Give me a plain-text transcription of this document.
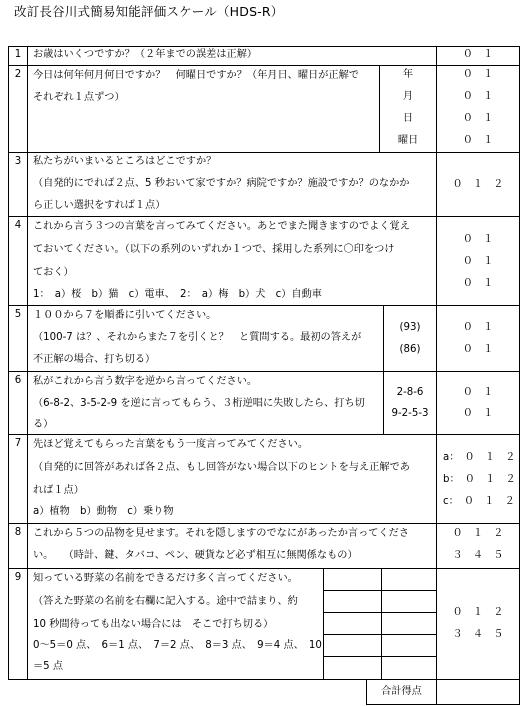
改訂長谷川式簡易知能評価スケール（HDS-R）
1
2
3
4
5
6
7
8
9
お歳はいくつですか？（２年までの誤差は正解）	０　１
今日は何年何月何日ですか？　何曜日ですか？（年月日、曜日が正解で
それぞれ１点ずつ）
年
月
日
曜日
０　１
０　１
０　１
０　１
私たちがいまいるところはどこですか？
（自発的にでれば２点、5 秒おいて家ですか？病院ですか？施設ですか？のなかか
ら正しい選択をすれば１点）
０　１　２
これから言う３つの言葉を言ってみてください。あとでまた聞きますのでよく覚え
ておいてください。（以下の系列のいずれか１つで、採用した系列に〇印をつけ
ておく）
1：　a）桜　b）猫　c）電車、　2：　a）梅　b）犬　c）自動車
０　１
０　１
０　１
１００から７を順番に引いてください。
（100-7 は？、それからまた７を引くと？　と質問する。最初の答えが
不正解の場合、打ち切る）
(93)
(86)
０　１
０　１
私がこれから言う数字を逆から言ってください。
（6-8-2、3-5-2-9 を逆に言ってもらう、３桁逆唱に失敗したら、打ち切
る）
2-8-6
9-2-5-3
０　１
０　１
先ほど覚えてもらった言葉をもう一度言ってみてください。
（自発的に回答があれば各２点、もし回答がない場合以下のヒントを与え正解であ
れば１点）
a）植物　b）動物　c）乗り物
a：　０　１　２
b：　０　１　２
c：　０　１　２
これから５つの品物を見せます。それを隠しますのでなにがあったか言ってくださ
い。　　（時計、鍵、タバコ、ペン、硬貨など必ず相互に無関係なもの）
０　１　２
３　４　５
知っている野菜の名前をできるだけ多く言ってください。
（答えた野菜の名前を右欄に記入する。途中で詰まり、約
10 秒間待っても出ない場合には　そこで打ち切る）
0～5＝0 点、　6＝1 点、　7＝2 点、　8＝3 点、　9＝4 点、　10
＝5 点
０　１　２
３　４　５
合計得点
